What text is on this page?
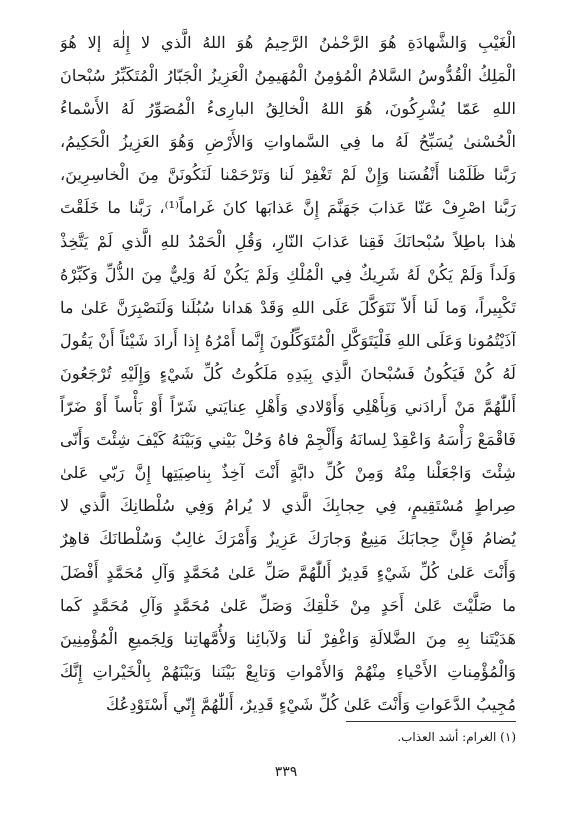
الْغَيْبِ وَالشَّهادَةِ هُوَ الرَّحْمٰنُ الرَّحِيمُ هُوَ اللهُ الَّذي لا إِلٰهَ إلا هُوَ
الْمَلِكُ الْقُدُّوسُ السَّلامُ الْمُؤمِنُ الْمُهَيمِنُ الْعَزِيزُ الْجَبّارُ الْمُتَكَبِّرُ سُبْحانَ
اللهِ عَمّا يُشْرِكُونَ، هُوَ اللهُ الْخالِقُ البارِىءُ الْمُصَوِّرُ لَهُ الأَسْماءُ
الْحُسْنىٰ يُسَبِّحُ لَهُ ما فِي السَّماواتِ وَالأَرْضِ وَهُوَ العَزِيزُ الْحَكِيمُ،
رَبَّنا ظَلَمْنا أَنْفُسَنا وَإِنْ لَمْ تَغْفِرْ لَنا وَتَرْحَمْنا لَنَكُونَنَّ مِنَ الْخاسِرِينَ،
رَبَّنا اصْرِفْ عَنّا عَذابَ جَهَنَّمَ إِنَّ عَذابَها كانَ غَراماً⁽¹⁾، رَبَّنا ما خَلَقْتَ
هٰذا باطِلاً سُبْحانَكَ فَقِنا عَذابَ النّارِ، وَقُلِ الْحَمْدُ للهِ الَّذي لَمْ يَتَّخِذْ
وَلَداً وَلَمْ يَكُنْ لَهُ شَرِيكٌ فِي الْمُلْكِ وَلَمْ يَكُنْ لَهُ وَلِيٌّ مِنَ الذُّلِّ وَكَبِّرْهُ
تَكْبِيراً، وَما لَنا أَلاّ نَتَوَكَّلَ عَلَى اللهِ وَقَدْ هَدانا سُبُلَنا وَلَنَصْبِرَنَّ عَلىٰ ما
آذَيْتُمُونا وَعَلَى اللهِ فَلْيَتَوَكَّلِ الْمُتَوَكِّلُونَ إِنَّما أَمْرُهُ إِذا أَرادَ شَيْئاً أَنْ يَقُولَ
لَهُ كُنْ فَيَكُونُ فَسُبْحانَ الَّذِي بِيَدِهِ مَلَكُوتُ كُلِّ شَيْءٍ وَإِلَيْهِ تُرْجَعُونَ
أَللّٰهُمَّ مَنْ أَرادَني وَبِأَهْلِي وَأَوْلادي وَأَهْلِ عِنايَتي شَرّاً أَوْ بَأْساً أَوْ ضَرّاً
فَاقْمَعْ رَأْسَهُ وَاعْقِدْ لِسانَهُ وَأَلْجِمْ فاهُ وَحُلْ بَيْني وَبَيْنَهُ كَيْفَ شِئْتَ وَأَنّى
شِئْتَ وَاجْعَلْنا مِنْهُ وَمِنْ كُلِّ دابَّةٍ أَنْتَ آخِذٌ بِناصِيَتِها إِنَّ رَبّي عَلىٰ
صِراطٍ مُسْتَقِيمٍ، فِي حِجابِكَ الَّذي لا يُرامُ وَفِي سُلْطانِكَ الَّذي لا
يُضامُ فَإِنَّ حِجابَكَ مَنِيعٌ وَجارَكَ عَزِيزٌ وَأَمْرَكَ غالِبٌ وَسُلْطانَكَ قاهِرٌ
وَأَنْتَ عَلىٰ كُلِّ شَيْءٍ قَدِيرٌ أَللّٰهُمَّ صَلِّ عَلىٰ مُحَمَّدٍ وَآلِ مُحَمَّدٍ أَفْضَلَ
ما صَلَّيْتَ عَلىٰ أَحَدٍ مِنْ خَلْقِكَ وَصَلِّ عَلىٰ مُحَمَّدٍ وَآلِ مُحَمَّدٍ كَما
هَدَيْتَنا بِهِ مِنَ الضَّلالَةِ وَاغْفِرْ لَنا وَلآبائِنا وَلأُمَّهاتِنا وَلِجَميعِ الْمُؤْمِنِينَ
وَالْمُؤْمِناتِ الأَحْياءِ مِنْهُمْ وَالأَمْواتِ وَتابِعْ بَيْنَنا وَبَيْنَهُمْ بِالْخَيْراتِ إِنَّكَ
مُجِيبُ الدَّعَواتِ وَأَنْتَ عَلىٰ كُلِّ شَيْءٍ قَدِيرٌ، أَللّٰهُمَّ إِنّي أَسْتَوْدِعُكَ
(١) الغرام: أشد العذاب.
٣٣٩
